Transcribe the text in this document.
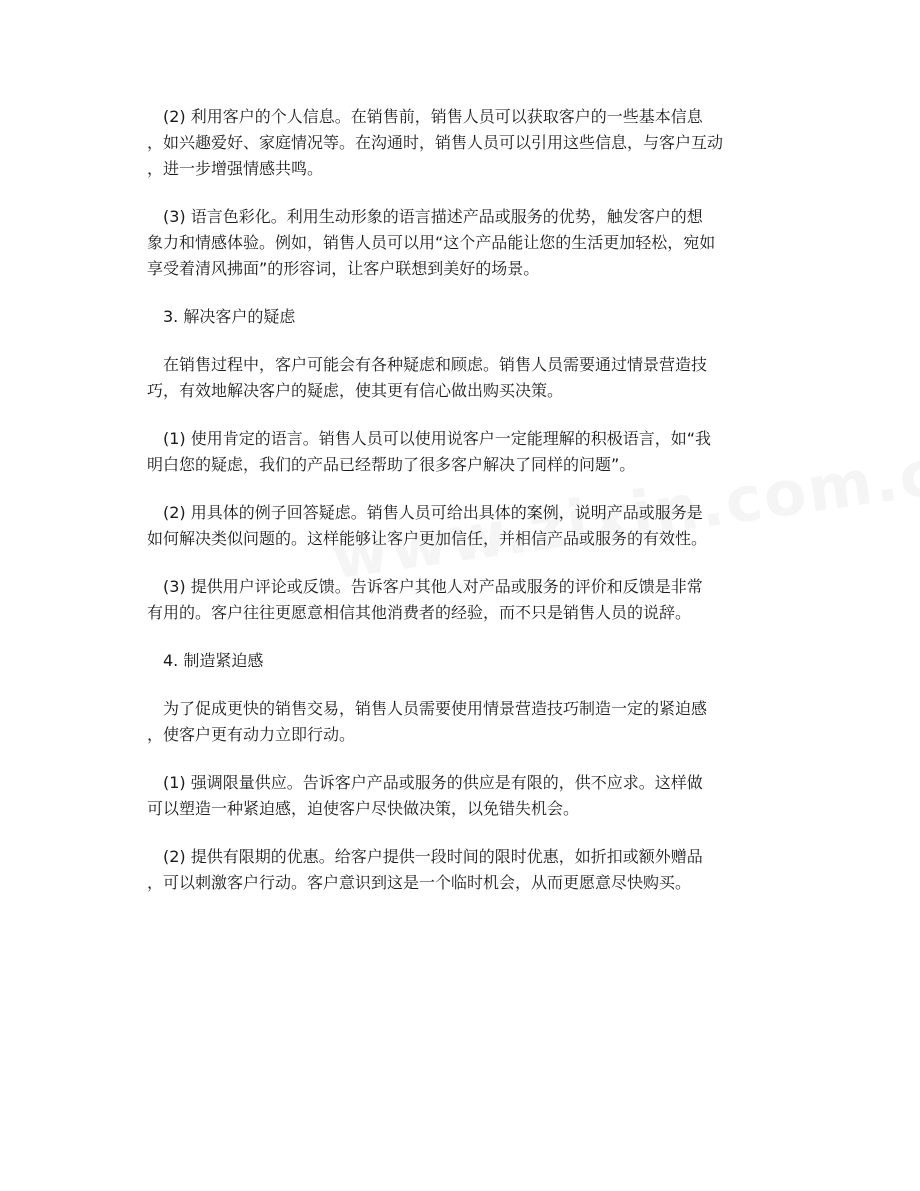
(2) 利用客户的个人信息。在销售前，销售人员可以获取客户的一些基本信息
，如兴趣爱好、家庭情况等。在沟通时，销售人员可以引用这些信息，与客户互动
，进一步增强情感共鸣。
(3) 语言色彩化。利用生动形象的语言描述产品或服务的优势，触发客户的想
象力和情感体验。例如，销售人员可以用“这个产品能让您的生活更加轻松，宛如
享受着清风拂面”的形容词，让客户联想到美好的场景。
3. 解决客户的疑虑
在销售过程中，客户可能会有各种疑虑和顾虑。销售人员需要通过情景营造技
巧，有效地解决客户的疑虑，使其更有信心做出购买决策。
(1) 使用肯定的语言。销售人员可以使用说客户一定能理解的积极语言，如“我
明白您的疑虑，我们的产品已经帮助了很多客户解决了同样的问题”。
(2) 用具体的例子回答疑虑。销售人员可给出具体的案例，说明产品或服务是
如何解决类似问题的。这样能够让客户更加信任，并相信产品或服务的有效性。
(3) 提供用户评论或反馈。告诉客户其他人对产品或服务的评价和反馈是非常
有用的。客户往往更愿意相信其他消费者的经验，而不只是销售人员的说辞。
4. 制造紧迫感
为了促成更快的销售交易，销售人员需要使用情景营造技巧制造一定的紧迫感
，使客户更有动力立即行动。
(1) 强调限量供应。告诉客户产品或服务的供应是有限的，供不应求。这样做
可以塑造一种紧迫感，迫使客户尽快做决策，以免错失机会。
(2) 提供有限期的优惠。给客户提供一段时间的限时优惠，如折扣或额外赠品
，可以刺激客户行动。客户意识到这是一个临时机会，从而更愿意尽快购买。
